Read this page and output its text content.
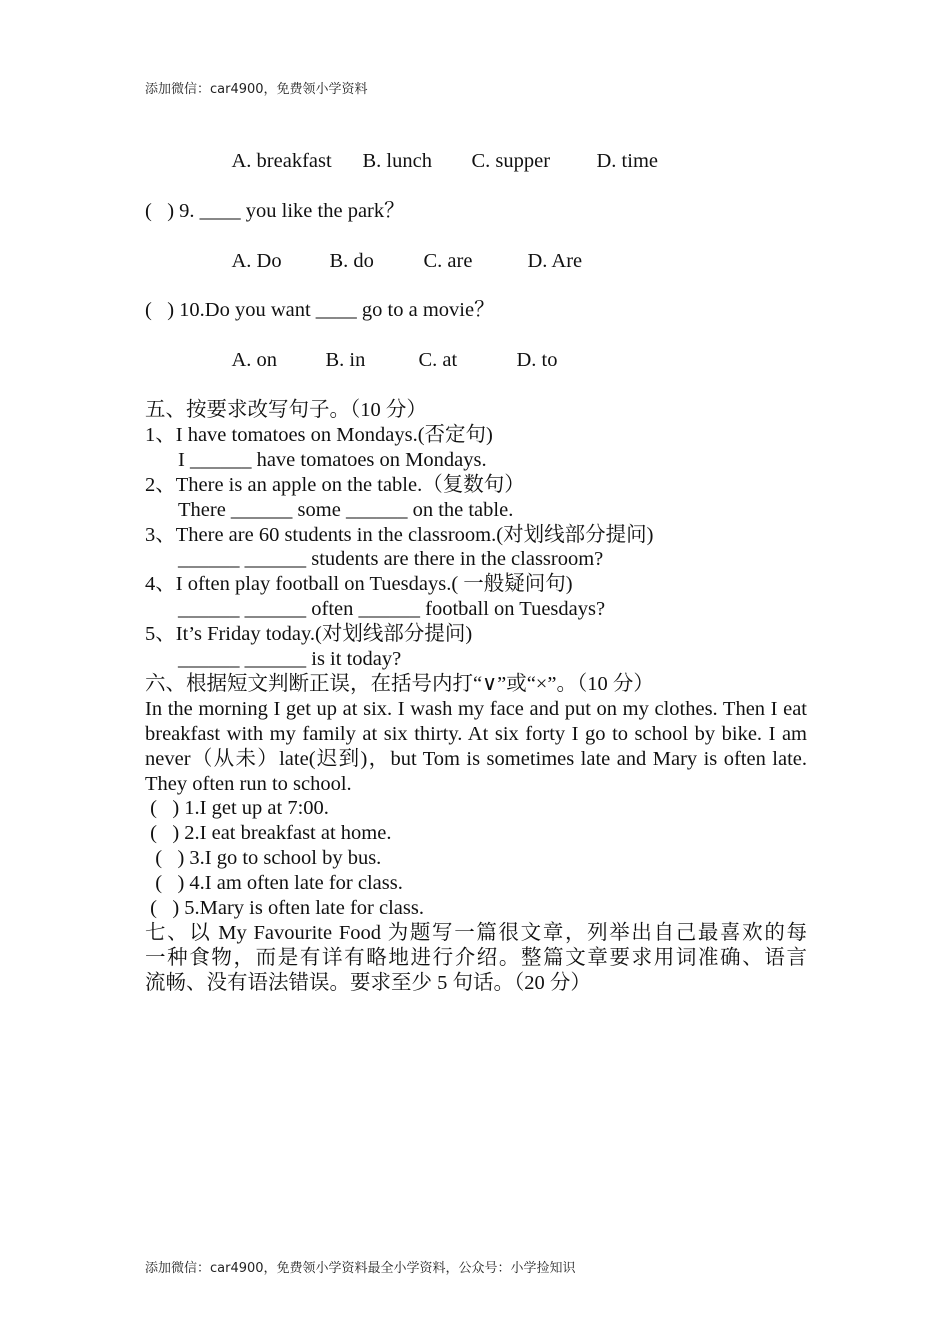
添加微信：car4900，免费领小学资料

A. breakfast B. lunch C. supper D. time

(   ) 9. ____ you like the park？

A. Do B. do C. are	D. Are

(   ) 10.Do you want ____ go to a movie？

A. on B. in	C. at	D. to

五、按要求改写句子。（10 分）
1、I have tomatoes on Mondays.(否定句)
I ______ have tomatoes on Mondays.
2、There is an apple on the table.（复数句）
There ______ some ______ on the table.
3、There are 60 students in the classroom.(对划线部分提问)
______ ______ students are there in the classroom?
4、I often play football on Tuesdays.( 一般疑问句)
______ ______ often ______ football on Tuesdays?
5、It’s Friday today.(对划线部分提问)
______ ______ is it today?
六、根据短文判断正误，在括号内打“∨”或“×”。（10 分）
In the morning I get up at six. I wash my face and put on my clothes. Then I eat breakfast with my family at six thirty. At six forty I go to school by bike. I am never（从未）late(迟到)，but Tom is sometimes late and Mary is often late. They often run to school.
(   ) 1.I get up at 7:00.
(   ) 2.I eat breakfast at home.
(   ) 3.I go to school by bus.
(   ) 4.I am often late for class.
(   ) 5.Mary is often late for class.
七、以 My Favourite Food 为题写一篇很文章，列举出自己最喜欢的每
一种食物，而是有详有略地进行介绍。整篇文章要求用词准确、语言
流畅、没有语法错误。要求至少 5 句话。（20 分）
添加微信：car4900，免费领小学资料最全小学资料，公众号：小学捡知识
